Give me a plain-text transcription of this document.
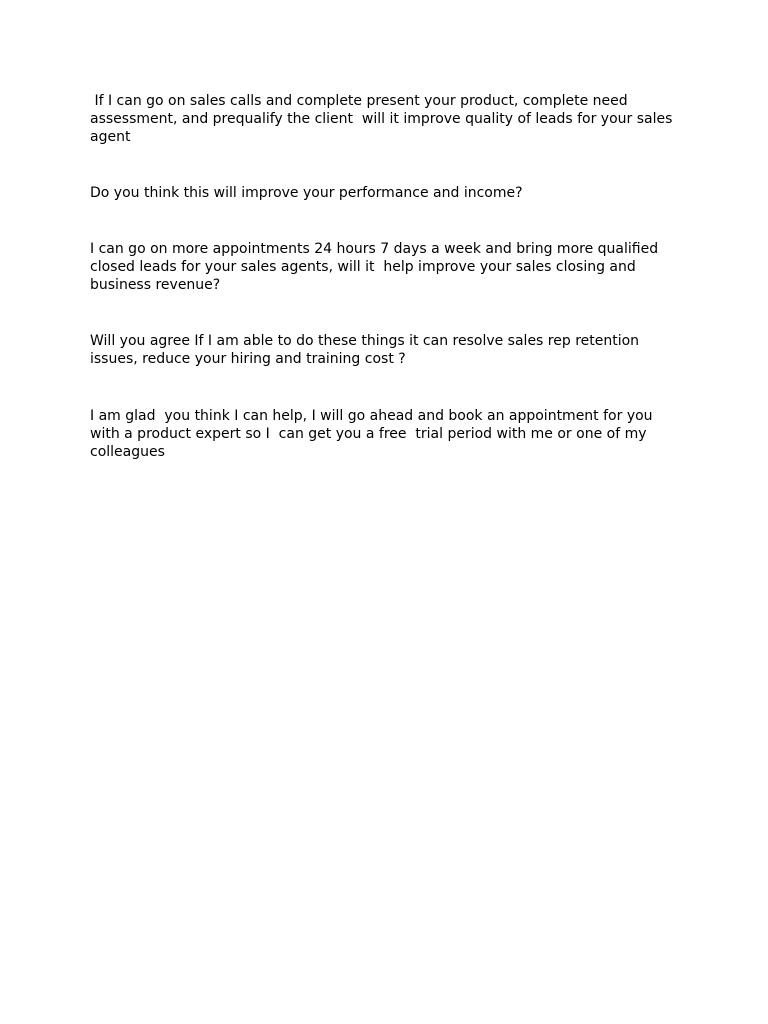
If I can go on sales calls and complete present your product, complete need assessment, and prequalify the client  will it improve quality of leads for your sales agent

Do you think this will improve your performance and income?

I can go on more appointments 24 hours 7 days a week and bring more qualified closed leads for your sales agents, will it  help improve your sales closing and business revenue?

Will you agree If I am able to do these things it can resolve sales rep retention issues, reduce your hiring and training cost ?

I am glad  you think I can help, I will go ahead and book an appointment for you with a product expert so I  can get you a free  trial period with me or one of my colleagues
